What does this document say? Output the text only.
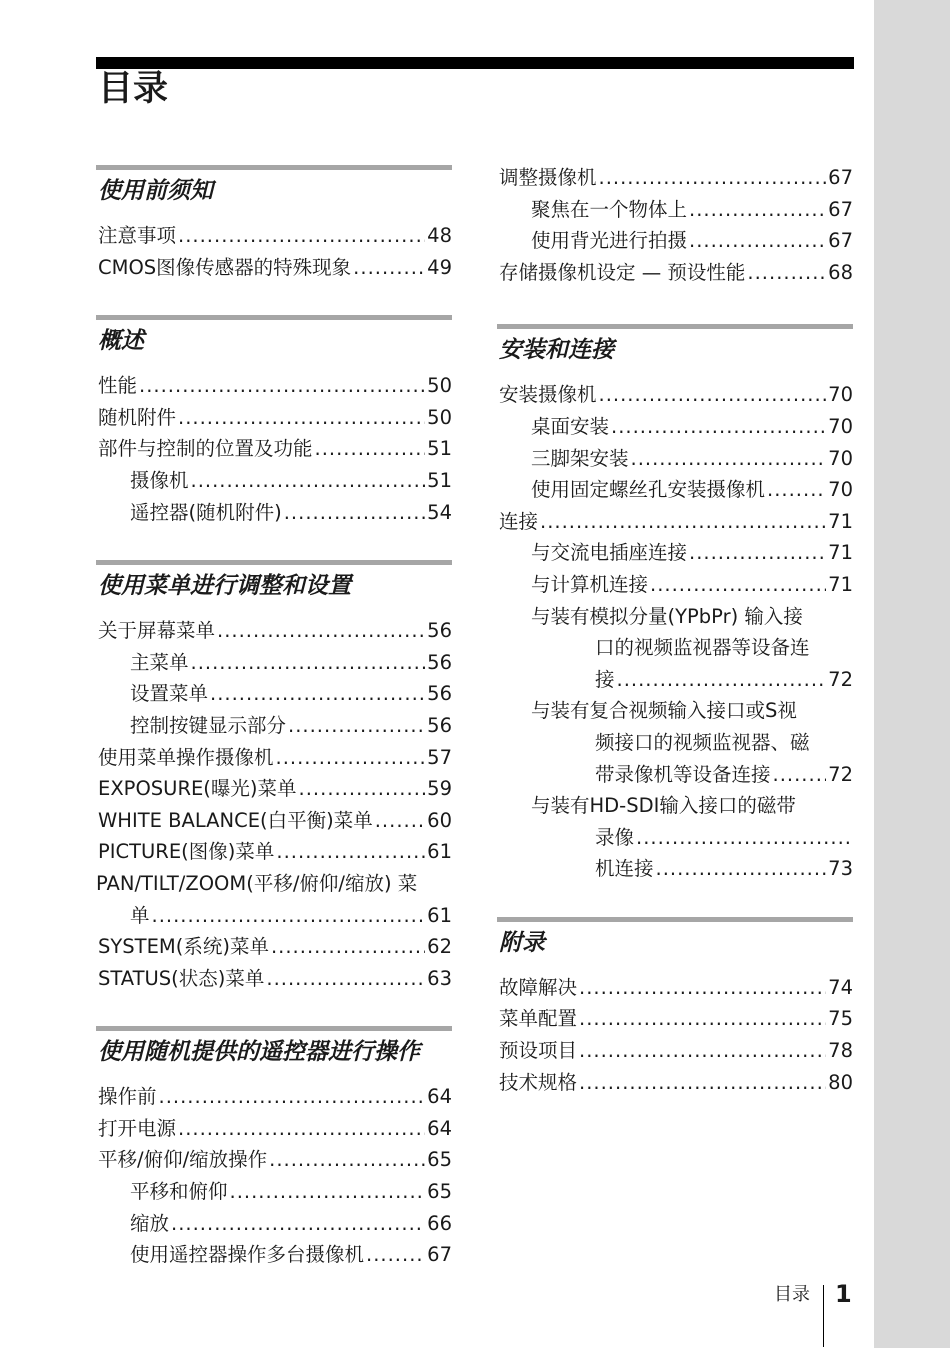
目录
使用前须知
注意事项 .....	48
CMOS图像传感器的特殊现象 .....	49
概述
性能 .....	50
随机附件 .....	50
部件与控制的位置及功能 .....	51
摄像机 .....	51
遥控器(随机附件) .....	54
使用菜单进行调整和设置
关于屏幕菜单 .....	56
主菜单 .....	56
设置菜单 .....	56
控制按键显示部分 .....	56
使用菜单操作摄像机 .....	57
EXPOSURE(曝光)菜单 .....	59
WHITE BALANCE(白平衡)菜单 .....	60
PICTURE(图像)菜单 .....	61
PAN/TILT/ZOOM(平移/俯仰/缩放) 菜
单 .....	61
SYSTEM(系统)菜单 .....	62
STATUS(状态)菜单 .....	63
使用随机提供的遥控器进行操作
操作前 .....	64
打开电源 .....	64
平移/俯仰/缩放操作 .....	65
平移和俯仰 .....	65
缩放 .....	66
使用遥控器操作多台摄像机 .....	67
调整摄像机 .....	67
聚焦在一个物体上 .....	67
使用背光进行拍摄 .....	67
存储摄像机设定 — 预设性能 .....	68
安装和连接
安装摄像机 .....	70
桌面安装 .....	70
三脚架安装 .....	70
使用固定螺丝孔安装摄像机 .....	70
连接 .....	71
与交流电插座连接 .....	71
与计算机连接 .....	71
与装有模拟分量(YPbPr) 输入接
口的视频监视器等设备连
接 .....	72
与装有复合视频输入接口或S视
频接口的视频监视器、磁
带录像机等设备连接 .....	72
与装有HD-SDI输入接口的磁带
录像
.....
机连接 .....	73
附录
故障解决 .....	74
菜单配置 .....	75
预设项目 .....	78
技术规格 .....	80
目录 1
